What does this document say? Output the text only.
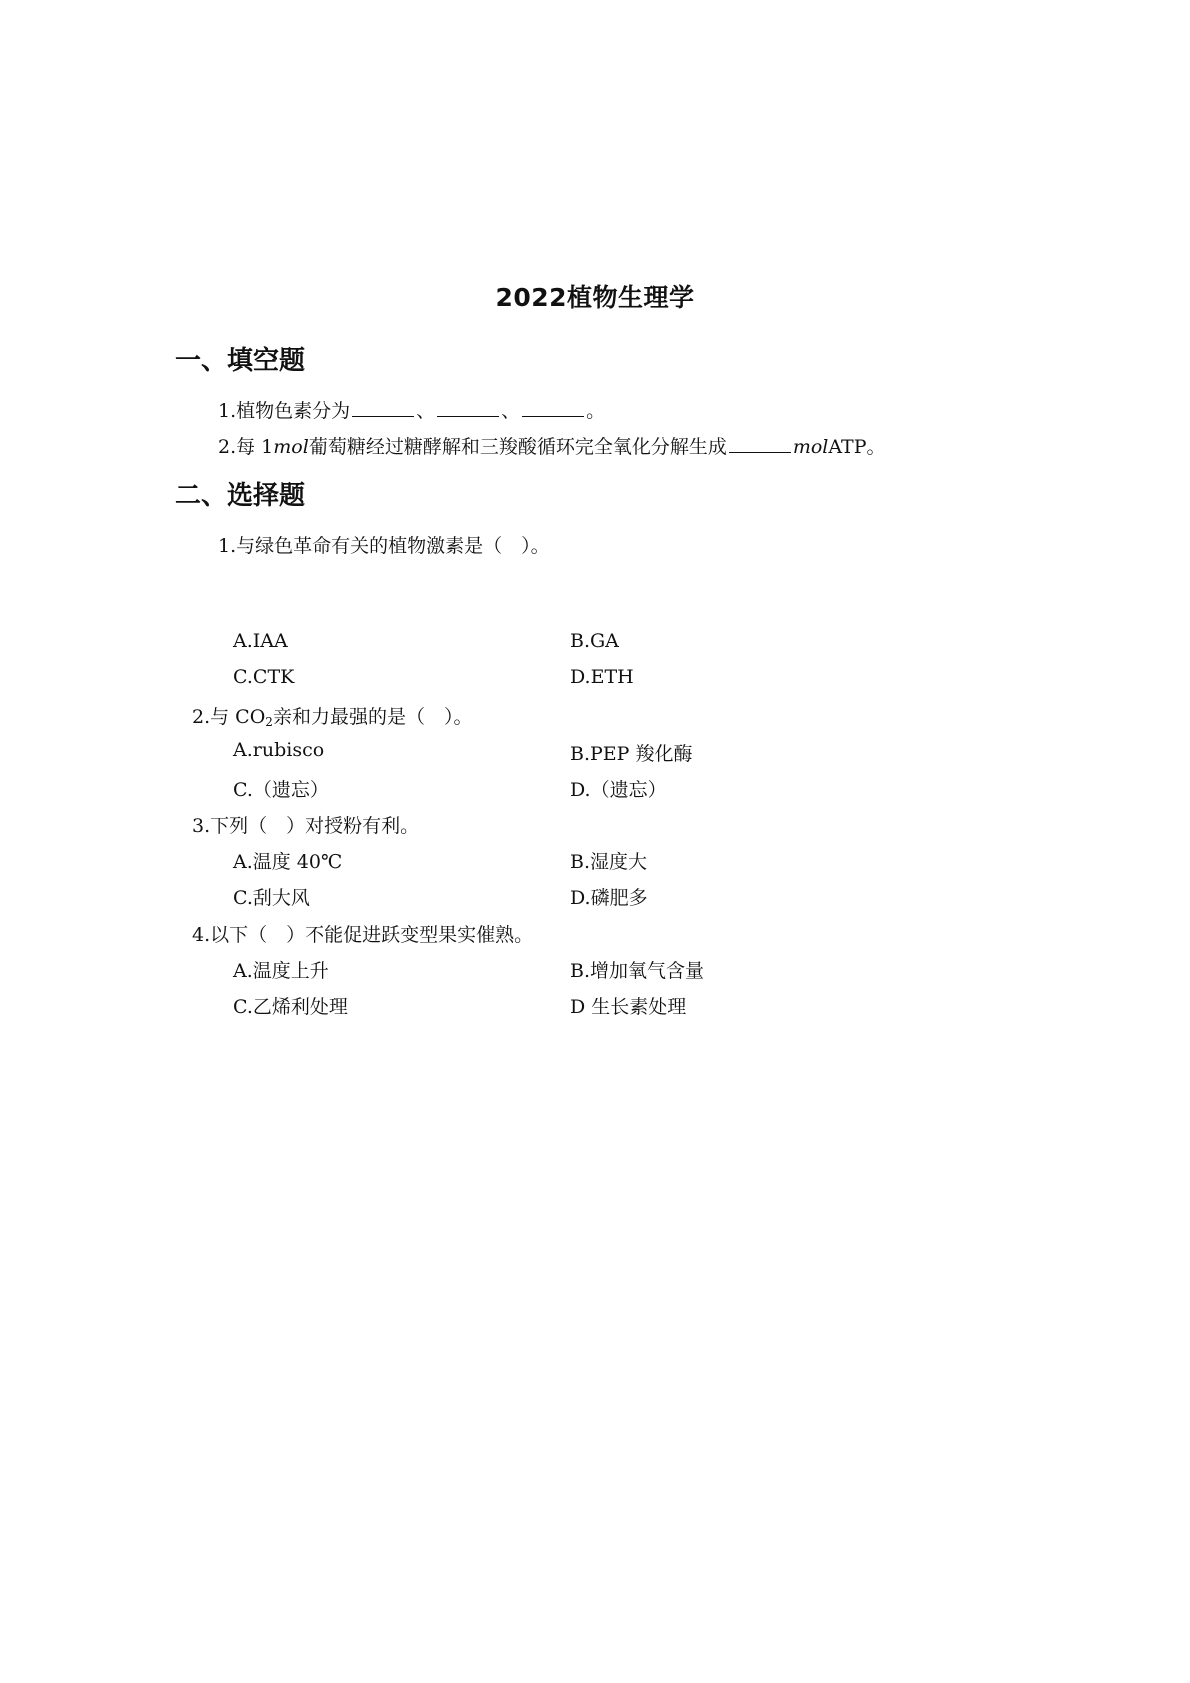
2022植物生理学
一、填空题
1.植物色素分为	、	、	。
2.每 1mol葡萄糖经过糖酵解和三羧酸循环完全氧化分解生成	molATP。
二、选择题
1.与绿色革命有关的植物激素是（　）。
A.IAA	B.GA
C.CTK	D.ETH
2.与 $CO_2$亲和力最强的是（　）。
A.rubisco	B.PEP 羧化酶
C.（遗忘）	D.（遗忘）
3.下列（　）对授粉有利。
A.温度 40℃	B.湿度大
C.刮大风	D.磷肥多
4.以下（　）不能促进跃变型果实催熟。
A.温度上升	B.增加氧气含量
C.乙烯利处理	D 生长素处理
